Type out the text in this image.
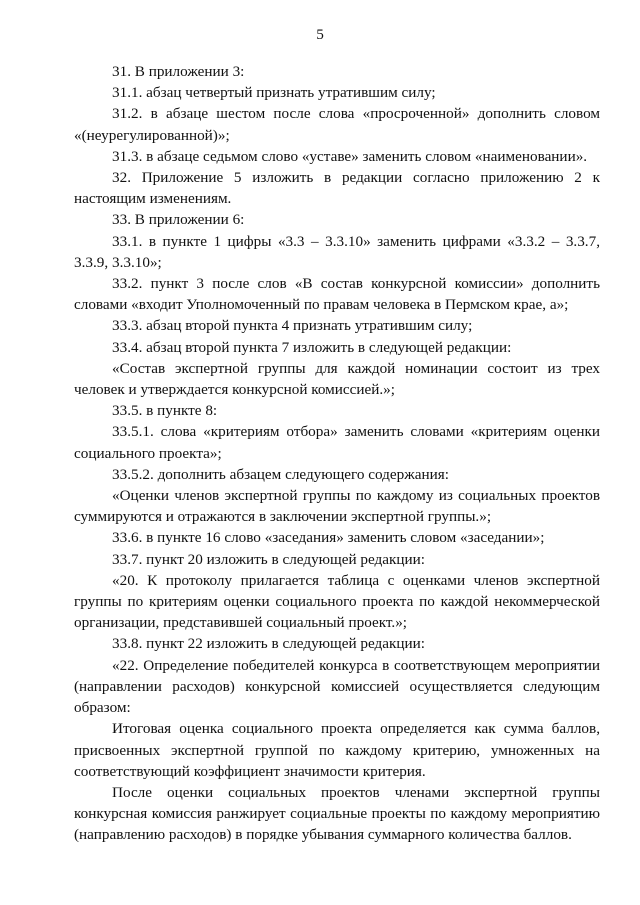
5

31. В приложении 3:

31.1. абзац четвертый признать утратившим силу;

31.2. в абзаце шестом после слова «просроченной» дополнить словом «(неурегулированной)»;

31.3. в абзаце седьмом слово «уставе» заменить словом «наименовании».

32. Приложение 5 изложить в редакции согласно приложению 2 к настоящим изменениям.

33. В приложении 6:

33.1. в пункте 1 цифры «3.3 – 3.3.10» заменить цифрами «3.3.2 – 3.3.7, 3.3.9, 3.3.10»;

33.2. пункт 3 после слов «В состав конкурсной комиссии» дополнить словами «входит Уполномоченный по правам человека в Пермском крае, а»;

33.3. абзац второй пункта 4 признать утратившим силу;

33.4. абзац второй пункта 7 изложить в следующей редакции:

«Состав экспертной группы для каждой номинации состоит из трех человек и утверждается конкурсной комиссией.»;

33.5. в пункте 8:

33.5.1. слова «критериям отбора» заменить словами «критериям оценки социального проекта»;

33.5.2. дополнить абзацем следующего содержания:

«Оценки членов экспертной группы по каждому из социальных проектов суммируются и отражаются в заключении экспертной группы.»;

33.6. в пункте 16 слово «заседания» заменить словом «заседании»;

33.7. пункт 20 изложить в следующей редакции:

«20. К протоколу прилагается таблица с оценками членов экспертной группы по критериям оценки социального проекта по каждой некоммерческой организации, представившей социальный проект.»;

33.8. пункт 22 изложить в следующей редакции:

«22. Определение победителей конкурса в соответствующем мероприятии (направлении расходов) конкурсной комиссией осуществляется следующим образом:

Итоговая оценка социального проекта определяется как сумма баллов, присвоенных экспертной группой по каждому критерию, умноженных на соответствующий коэффициент значимости критерия.

После оценки социальных проектов членами экспертной группы конкурсная комиссия ранжирует социальные проекты по каждому мероприятию (направлению расходов) в порядке убывания суммарного количества баллов.
